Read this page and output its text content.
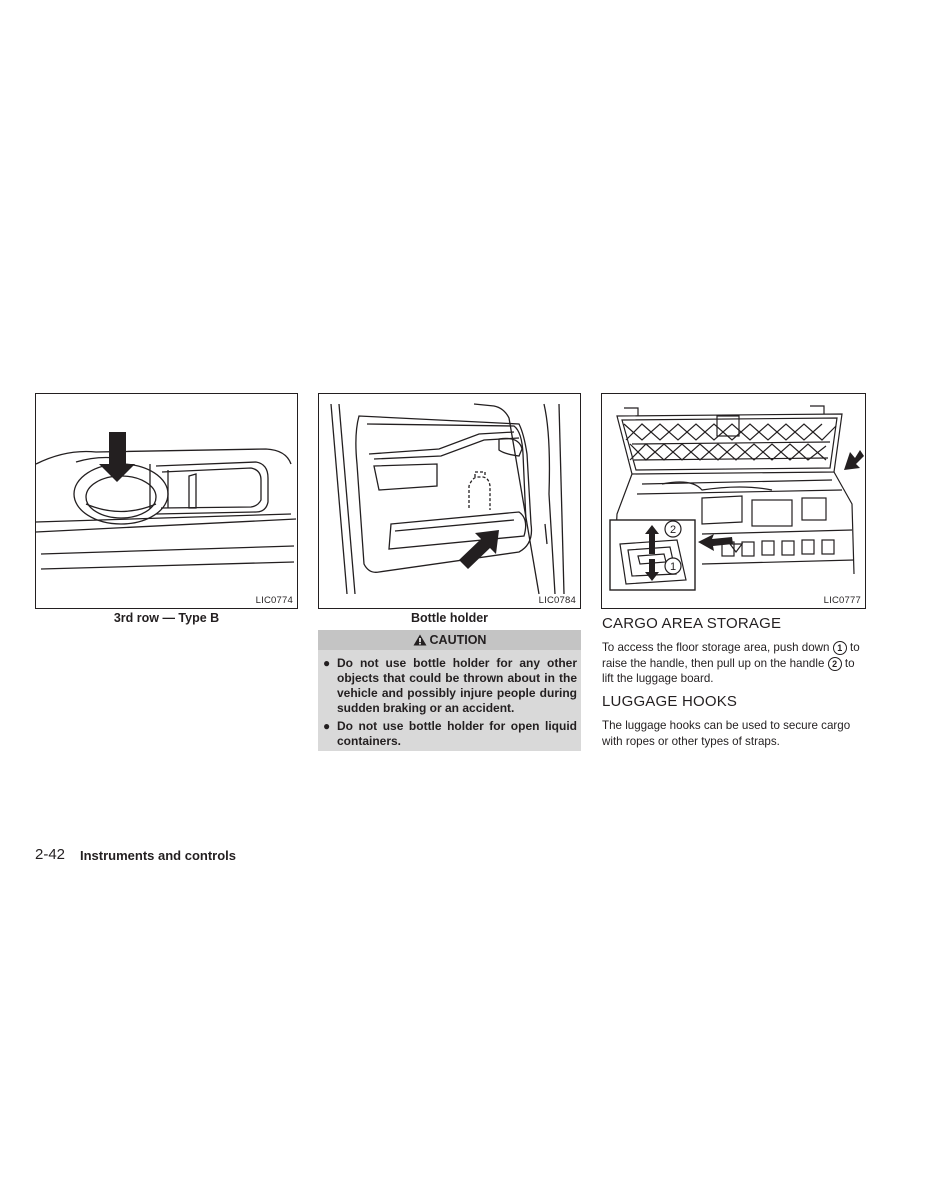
LIC0774
3rd row — Type B
LIC0784
Bottle holder
CAUTION
● Do not use bottle holder for any other objects that could be thrown about in the vehicle and possibly injure people during sudden braking or an accident.
● Do not use bottle holder for open liquid containers.
2
1
LIC0777
CARGO AREA STORAGE
To access the floor storage area, push down 1 to raise the handle, then pull up on the handle 2 to lift the luggage board.
LUGGAGE HOOKS
The luggage hooks can be used to secure cargo with ropes or other types of straps.
2-42 Instruments and controls
